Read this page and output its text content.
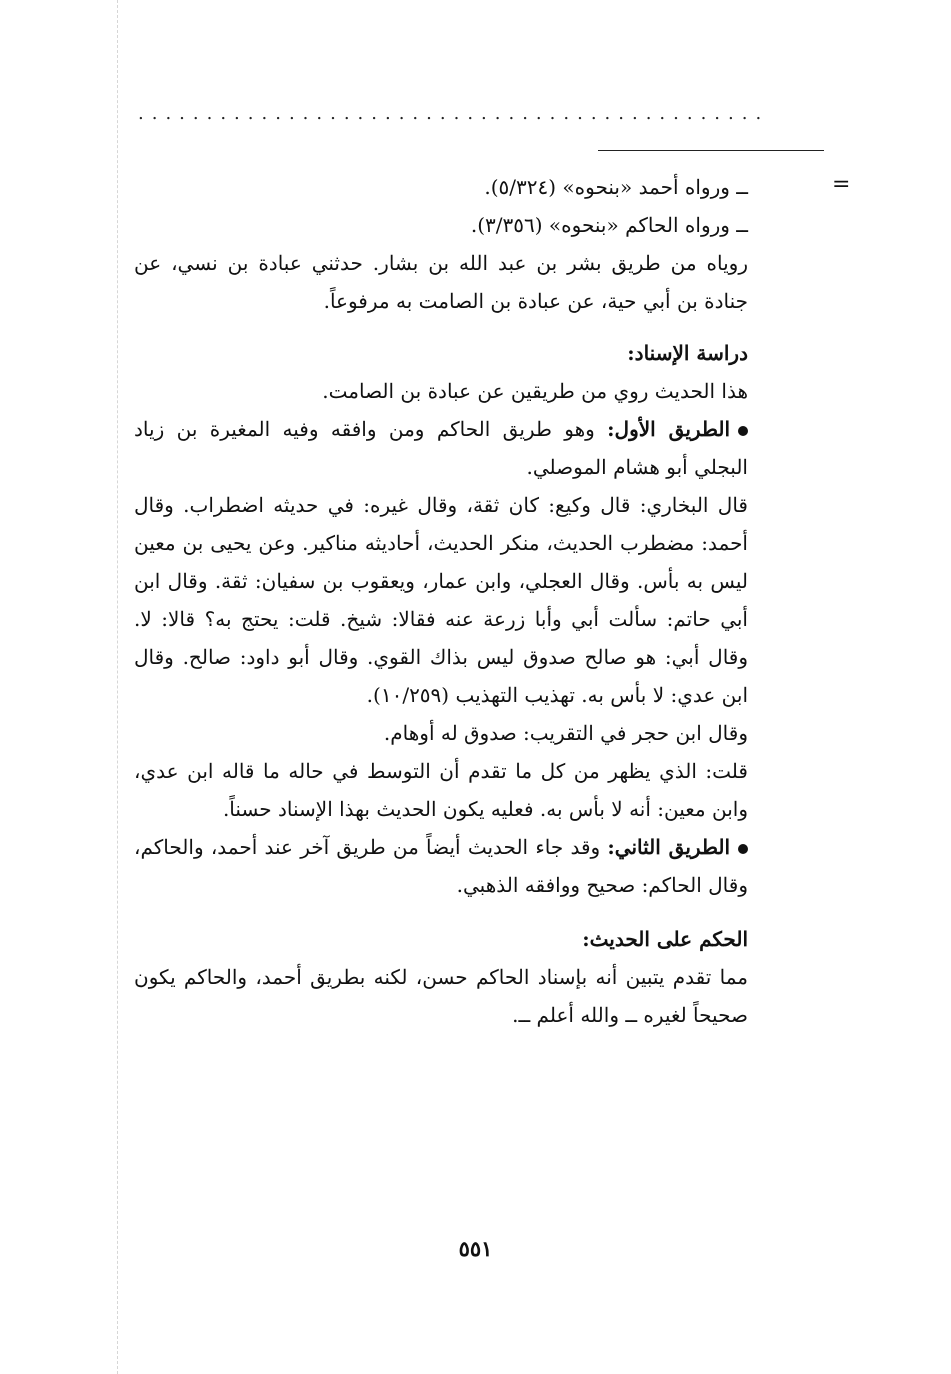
..............................................
=

ــ ورواه أحمد «بنحوه» (٥/٣٢٤).

ــ ورواه الحاكم «بنحوه» (٣/٣٥٦).

روياه من طريق بشر بن عبد الله بن بشار. حدثني عبادة بن نسي، عن جنادة بن أبي حية، عن عبادة بن الصامت به مرفوعاً.

دراسة الإسناد:

هذا الحديث روي من طريقين عن عبادة بن الصامت.

الطريق الأول: وهو طريق الحاكم ومن وافقه وفيه المغيرة بن زياد البجلي أبو هشام الموصلي.

قال البخاري: قال وكيع: كان ثقة، وقال غيره: في حديثه اضطراب. وقال أحمد: مضطرب الحديث، منكر الحديث، أحاديثه مناكير. وعن يحيى بن معين ليس به بأس. وقال العجلي، وابن عمار، ويعقوب بن سفيان: ثقة. وقال ابن أبي حاتم: سألت أبي وأبا زرعة عنه فقالا: شيخ. قلت: يحتج به؟ قالا: لا. وقال أبي: هو صالح صدوق ليس بذاك القوي. وقال أبو داود: صالح. وقال ابن عدي: لا بأس به. تهذيب التهذيب (١٠/٢٥٩).

وقال ابن حجر في التقريب: صدوق له أوهام.

قلت: الذي يظهر من كل ما تقدم أن التوسط في حاله ما قاله ابن عدي، وابن معين: أنه لا بأس به. فعليه يكون الحديث بهذا الإسناد حسناً.

الطريق الثاني: وقد جاء الحديث أيضاً من طريق آخر عند أحمد، والحاكم، وقال الحاكم: صحيح ووافقه الذهبي.

الحكم على الحديث:

مما تقدم يتبين أنه بإسناد الحاكم حسن، لكنه بطريق أحمد، والحاكم يكون صحيحاً لغيره ــ والله أعلم ــ.

٥٥١
